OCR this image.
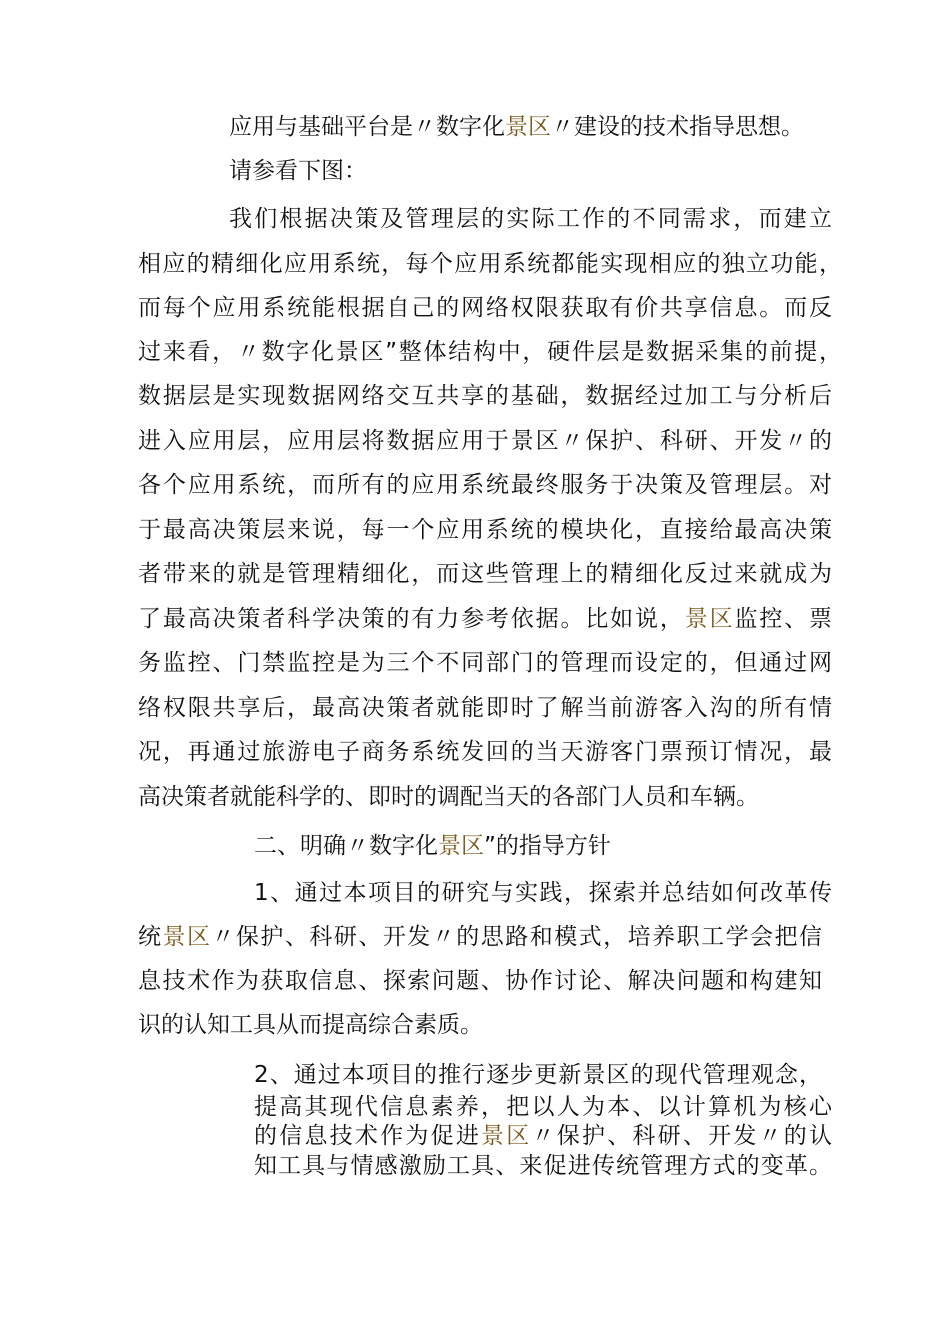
应用与基础平台是〃数字化景区〃建设的技术指导思想。
请参看下图：
我们根据决策及管理层的实际工作的不同需求，而建立
相应的精细化应用系统，每个应用系统都能实现相应的独立功能，
而每个应用系统能根据自己的网络权限获取有价共享信息。而反
过来看，〃数字化景区”整体结构中，硬件层是数据采集的前提，
数据层是实现数据网络交互共享的基础，数据经过加工与分析后
进入应用层，应用层将数据应用于景区〃保护、科研、开发〃的
各个应用系统，而所有的应用系统最终服务于决策及管理层。对
于最高决策层来说，每一个应用系统的模块化，直接给最高决策
者带来的就是管理精细化，而这些管理上的精细化反过来就成为
了最高决策者科学决策的有力参考依据。比如说，景区监控、票
务监控、门禁监控是为三个不同部门的管理而设定的，但通过网
络权限共享后，最高决策者就能即时了解当前游客入沟的所有情
况，再通过旅游电子商务系统发回的当天游客门票预订情况，最
高决策者就能科学的、即时的调配当天的各部门人员和车辆。
二、明确〃数字化景区”的指导方针
1、通过本项目的研究与实践，探索并总结如何改革传
统景区〃保护、科研、开发〃的思路和模式，培养职工学会把信
息技术作为获取信息、探索问题、协作讨论、解决问题和构建知
识的认知工具从而提高综合素质。
2、通过本项目的推行逐步更新景区的现代管理观念，
提高其现代信息素养，把以人为本、以计算机为核心
的信息技术作为促进景区〃保护、科研、开发〃的认
知工具与情感激励工具、来促进传统管理方式的变革。
